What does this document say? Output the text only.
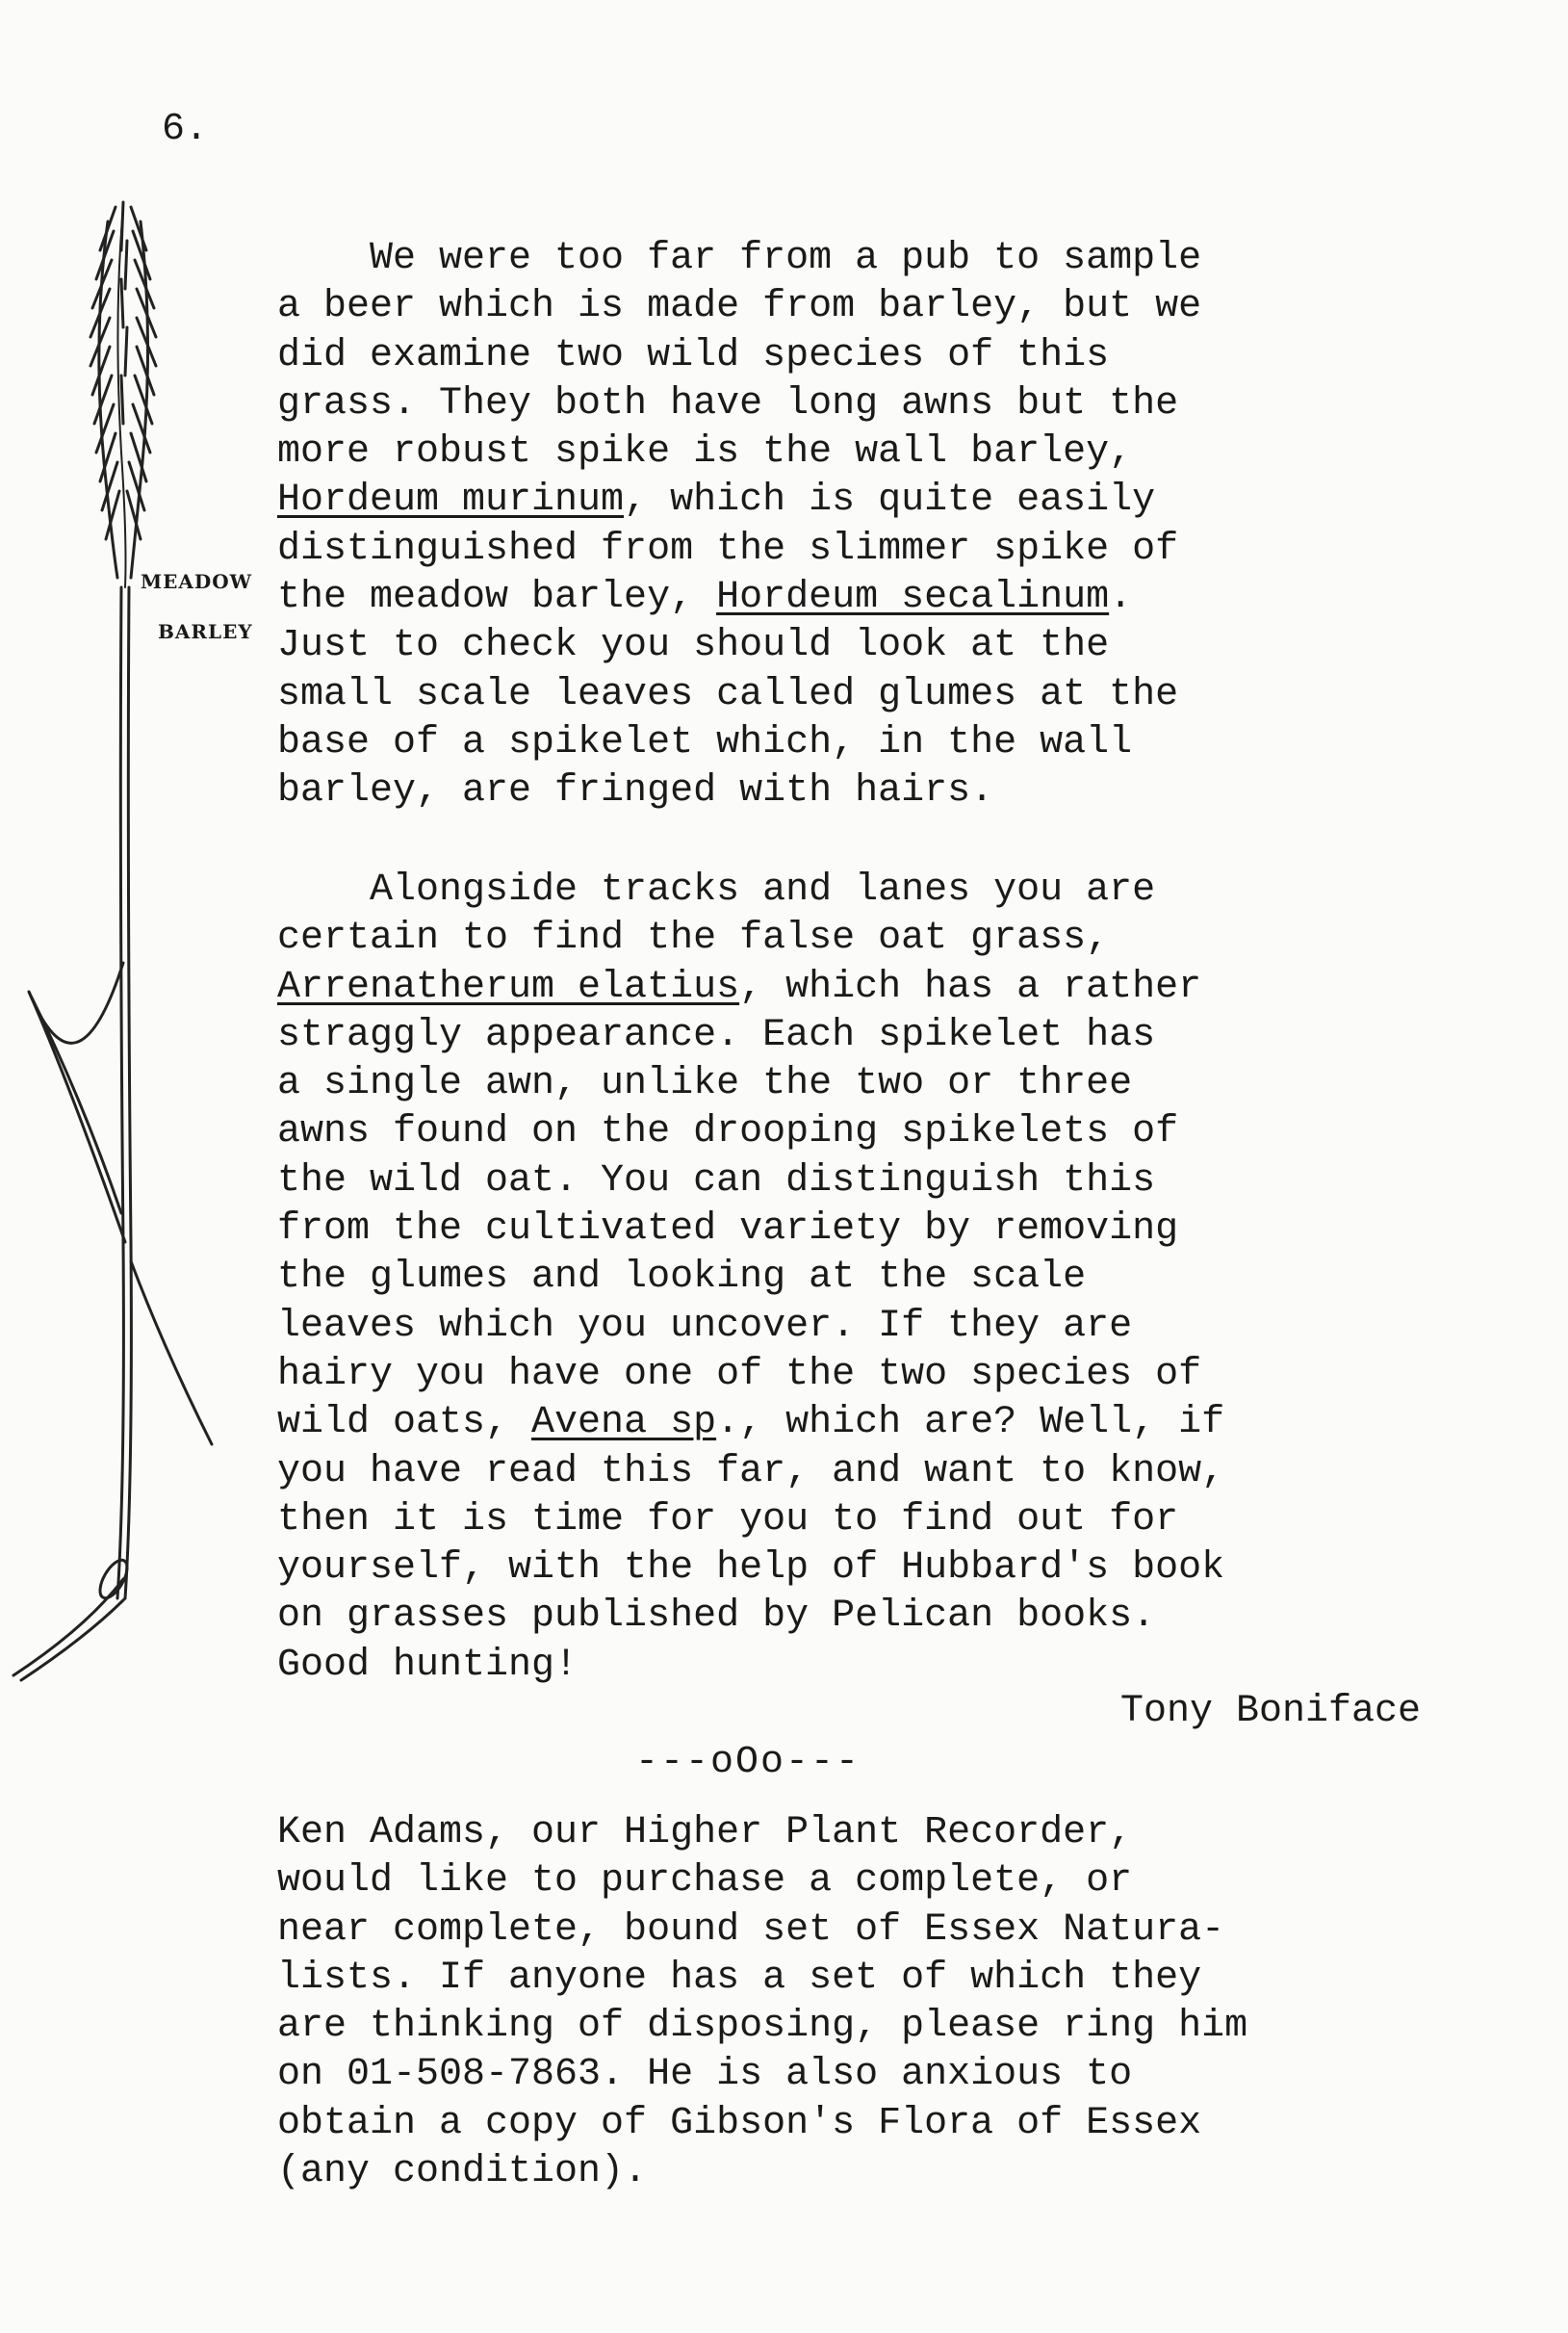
6.
MEADOW
BARLEY
We were too far from a pub to sample
a beer which is made from barley, but we
did examine two wild species of this
grass. They both have long awns but the
more robust spike is the wall barley,
Hordeum murinum, which is quite easily
distinguished from the slimmer spike of
the meadow barley, Hordeum secalinum.
Just to check you should look at the
small scale leaves called glumes at the
base of a spikelet which, in the wall
barley, are fringed with hairs.
Alongside tracks and lanes you are
certain to find the false oat grass,
Arrenatherum elatius, which has a rather
straggly appearance. Each spikelet has
a single awn, unlike the two or three
awns found on the drooping spikelets of
the wild oat. You can distinguish this
from the cultivated variety by removing
the glumes and looking at the scale
leaves which you uncover. If they are
hairy you have one of the two species of
wild oats, Avena sp., which are? Well, if
you have read this far, and want to know,
then it is time for you to find out for
yourself, with the help of Hubbard's book
on grasses published by Pelican books.
Good hunting!
Tony Boniface
---oOo---
Ken Adams, our Higher Plant Recorder,
would like to purchase a complete, or
near complete, bound set of Essex Natura-
lists. If anyone has a set of which they
are thinking of disposing, please ring him
on 01-508-7863. He is also anxious to
obtain a copy of Gibson's Flora of Essex
(any condition).
